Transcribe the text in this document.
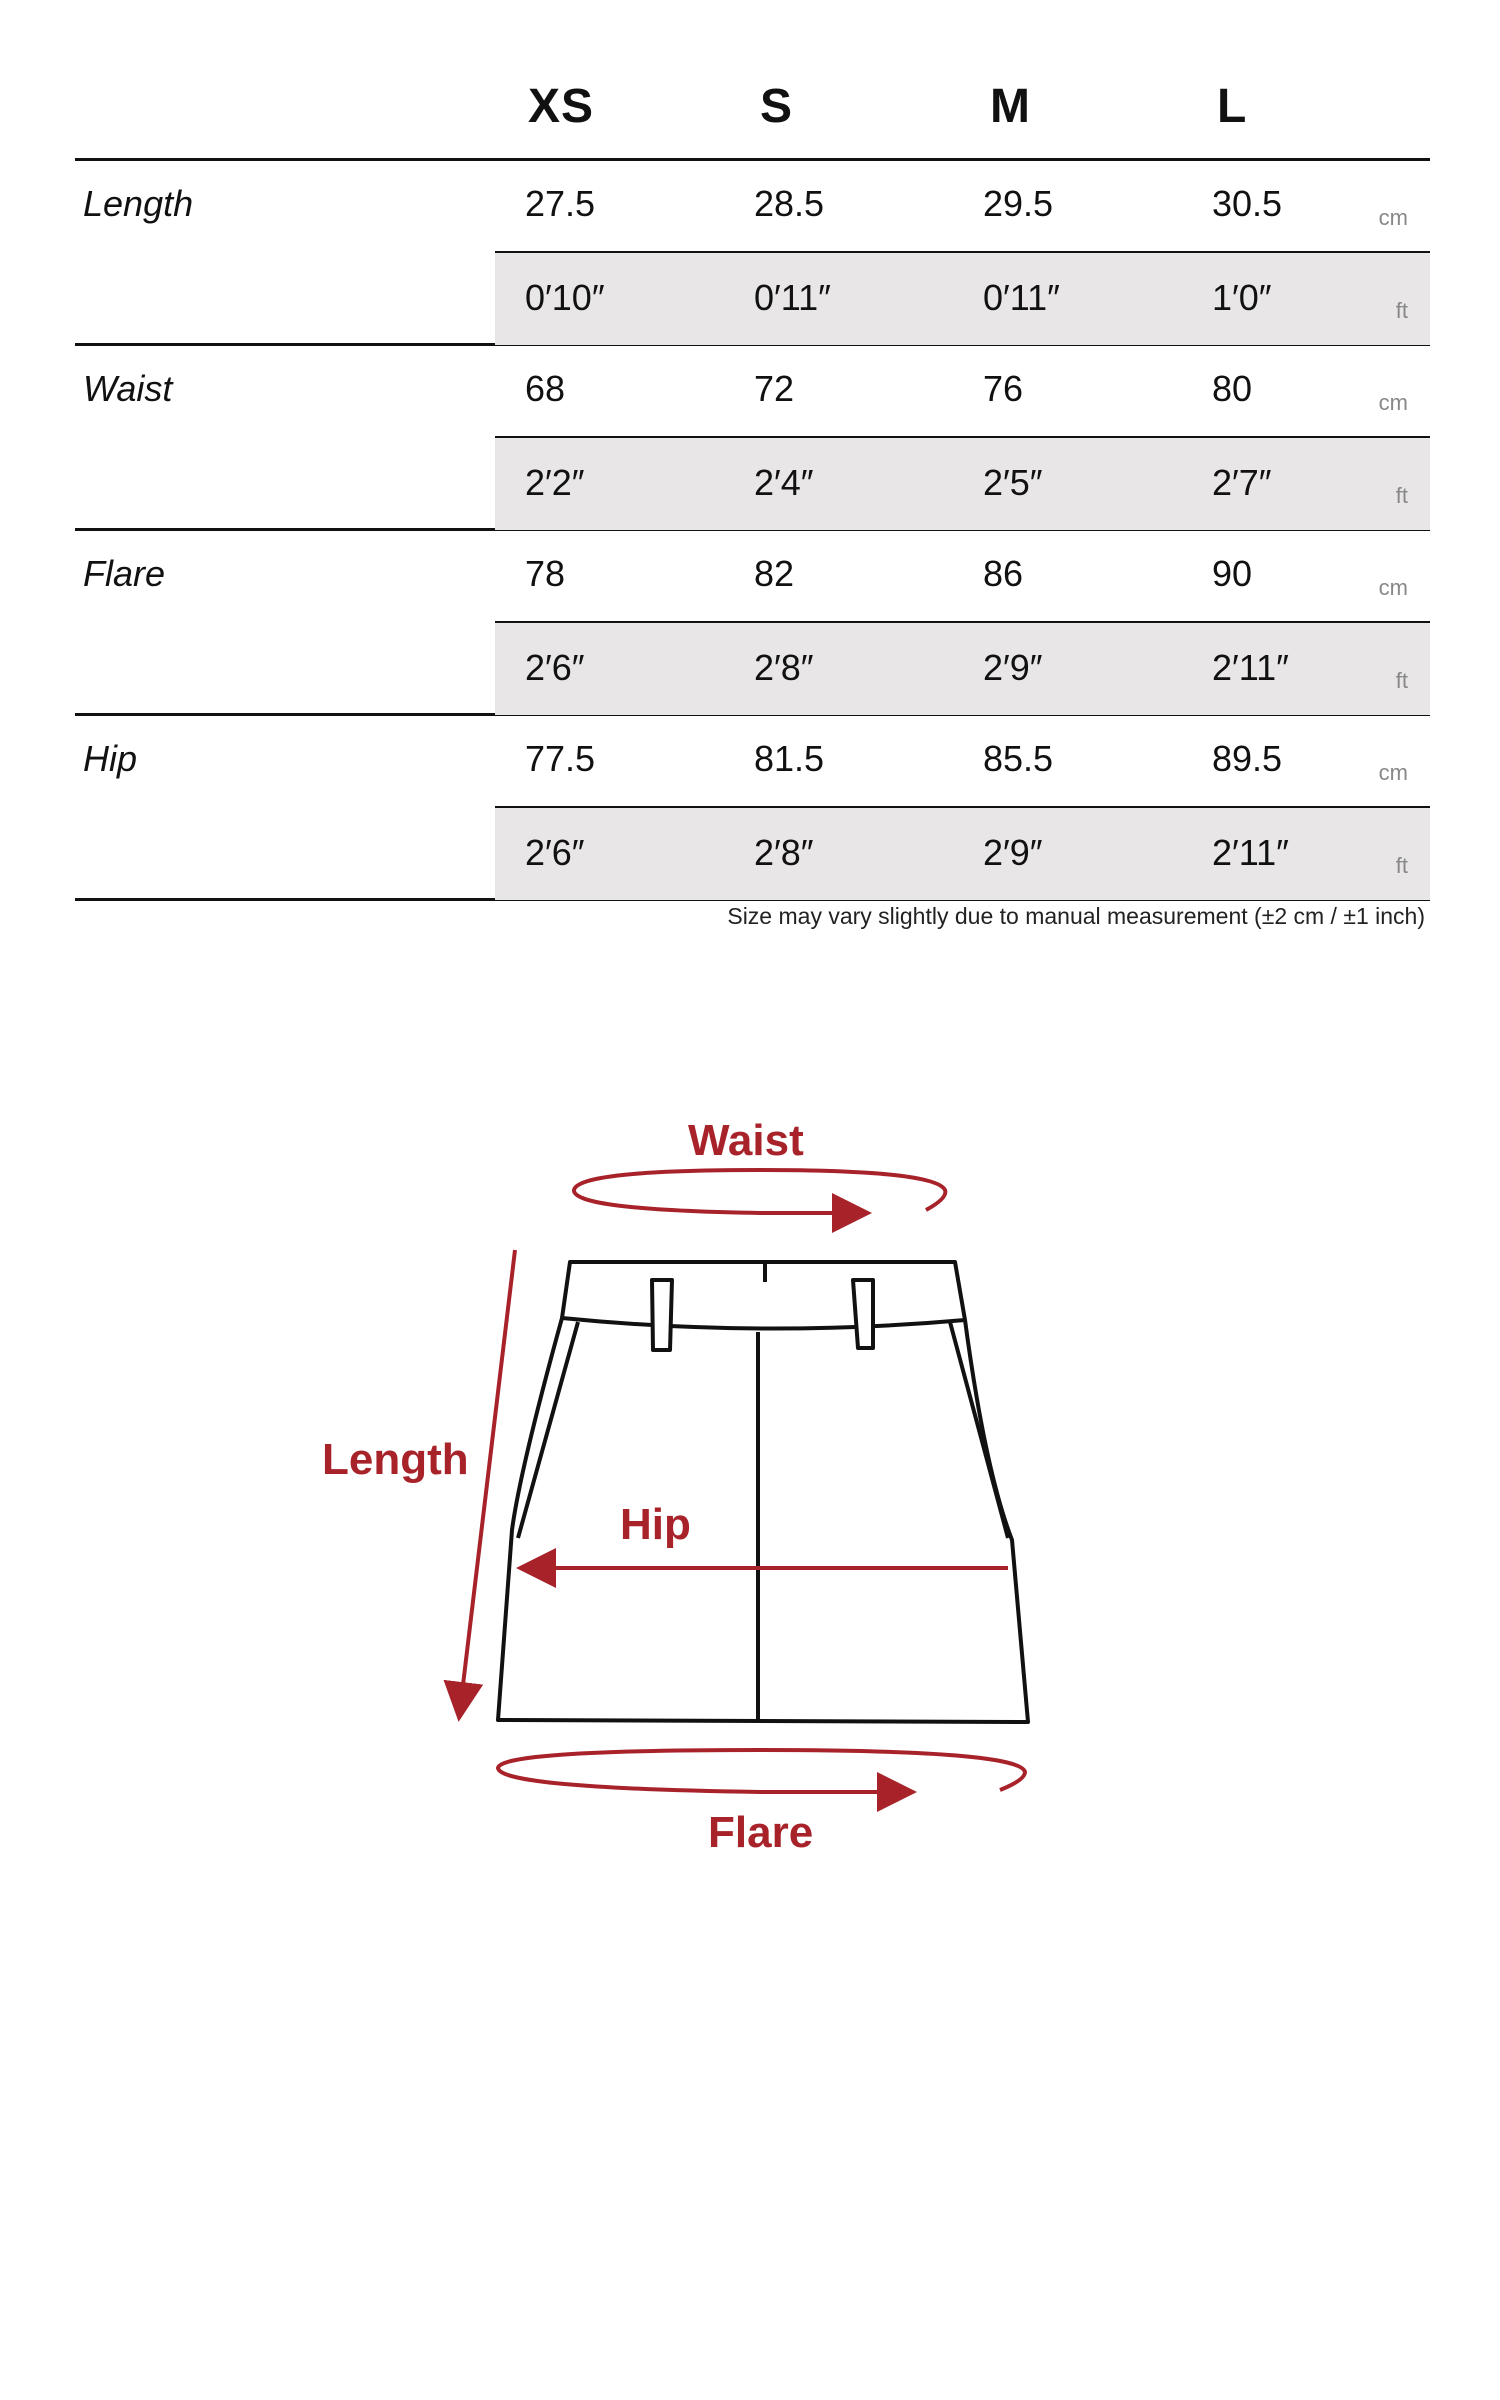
XS	S	M	L
Length	27.5	28.5	29.5	30.5	cm
0′10″	0′11″	0′11″	1′0″	ft
Waist	68	72	76	80	cm
2′2″	2′4″	2′5″	2′7″	ft
Flare	78	82	86	90	cm
2′6″	2′8″	2′9″	2′11″	ft
Hip	77.5	81.5	85.5	89.5	cm
2′6″	2′8″	2′9″	2′11″	ft
Size may vary slightly due to manual measurement (±2 cm / ±1 inch)
Waist
Length
Hip
Flare
